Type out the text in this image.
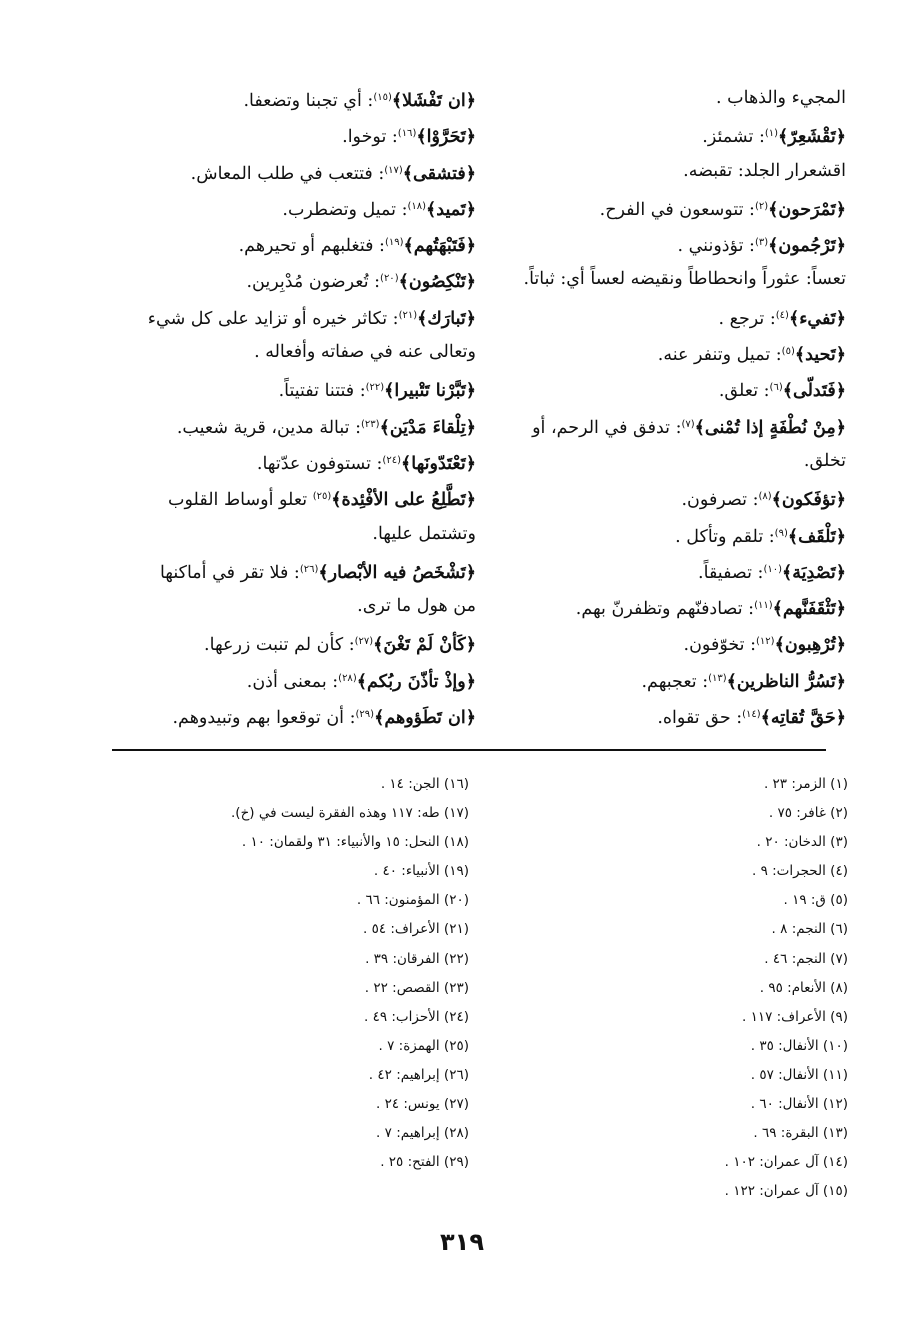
المجيء والذهاب .
﴿تَقْشَعِرّ﴾$^{(١)}$: تشمئز.
اقشعرار الجلد: تقبضه.
﴿تَمْرَحون﴾$^{(٢)}$: تتوسعون في الفرح.
﴿تَرْجُمون﴾$^{(٣)}$: تؤذونني .
تعساً: عثوراً وانحطاطاً ونقيضه لعساً أي: ثباتاً.
﴿تَفيء﴾$^{(٤)}$: ترجع .
﴿تَحيد﴾$^{(٥)}$: تميل وتنفر عنه.
﴿فَتَدلّى﴾$^{(٦)}$: تعلق.
﴿مِنْ نُطْفَةٍ إذا تُمْنى﴾$^{(٧)}$: تدفق في الرحم، أو
تخلق.
﴿تؤفَكون﴾$^{(٨)}$: تصرفون.
﴿تَلْقَف﴾$^{(٩)}$: تلقم وتأكل .
﴿تَصْدِيَة﴾$^{(١٠)}$: تصفيقاً.
﴿تَثْقَفَنَّهم﴾$^{(١١)}$: تصادفنّهم وتظفرنّ بهم.
﴿تُرْهِبون﴾$^{(١٢)}$: تخوّفون.
﴿تَسُرُّ الناظرين﴾$^{(١٣)}$: تعجبهم.
﴿حَقَّ تُقاتِه﴾$^{(١٤)}$: حق تقواه.
﴿ان تَفْشَلا﴾$^{(١٥)}$: أي تجبنا وتضعفا.
﴿تَحَرَّوْا﴾$^{(١٦)}$: توخوا.
﴿فتشقى﴾$^{(١٧)}$: فتتعب في طلب المعاش.
﴿تَميد﴾$^{(١٨)}$: تميل وتضطرب.
﴿فَتَبْهَتُهم﴾$^{(١٩)}$: فتغلبهم أو تحيرهم.
﴿تَنْكِصُون﴾$^{(٢٠)}$: تُعرضون مُدْبِرين.
﴿تَبارَك﴾$^{(٢١)}$: تكاثر خيره أو تزايد على كل شيء
وتعالى عنه في صفاته وأفعاله .
﴿تَبَّرْنا تَتْبيرا﴾$^{(٢٢)}$: فتتنا تفتيتاً.
﴿تِلْقاءَ مَدْيَن﴾$^{(٢٣)}$: تبالة مدين، قرية شعيب.
﴿تَعْتَدّونَها﴾$^{(٢٤)}$: تستوفون عدّتها.
﴿تَطَّلِعُ على الأفْئِدة﴾$^{(٢٥)}$ تعلو أوساط القلوب
وتشتمل عليها.
﴿تَشْخَصُ فيه الأبْصار﴾$^{(٢٦)}$: فلا تقر في أماكنها
من هول ما ترى.
﴿كَأنْ لَمْ تَغْنَ﴾$^{(٢٧)}$: كأن لم تنبت زرعها.
﴿وإذْ تأذّنَ ربُكم﴾$^{(٢٨)}$: بمعنى أذن.
﴿ان تَطَؤوهم﴾$^{(٢٩)}$: أن توقعوا بهم وتبيدوهم.
(١) الزمر: ٢٣ .
(٢) غافر: ٧٥ .
(٣) الدخان: ٢٠ .
(٤) الحجرات: ٩ .
(٥) ق: ١٩ .
(٦) النجم: ٨ .
(٧) النجم: ٤٦ .
(٨) الأنعام: ٩٥ .
(٩) الأعراف: ١١٧ .
(١٠) الأنفال: ٣٥ .
(١١) الأنفال: ٥٧ .
(١٢) الأنفال: ٦٠ .
(١٣) البقرة: ٦٩ .
(١٤) آل عمران: ١٠٢ .
(١٥) آل عمران: ١٢٢ .
(١٦) الجن: ١٤ .
(١٧) طه: ١١٧ وهذه الفقرة ليست في (خ).
(١٨) النحل: ١٥ والأنبياء: ٣١ ولقمان: ١٠ .
(١٩) الأنبياء: ٤٠ .
(٢٠) المؤمنون: ٦٦ .
(٢١) الأعراف: ٥٤ .
(٢٢) الفرقان: ٣٩ .
(٢٣) القصص: ٢٢ .
(٢٤) الأحزاب: ٤٩ .
(٢٥) الهمزة: ٧ .
(٢٦) إبراهيم: ٤٢ .
(٢٧) يونس: ٢٤ .
(٢٨) إبراهيم: ٧ .
(٢٩) الفتح: ٢٥ .
٣١٩
